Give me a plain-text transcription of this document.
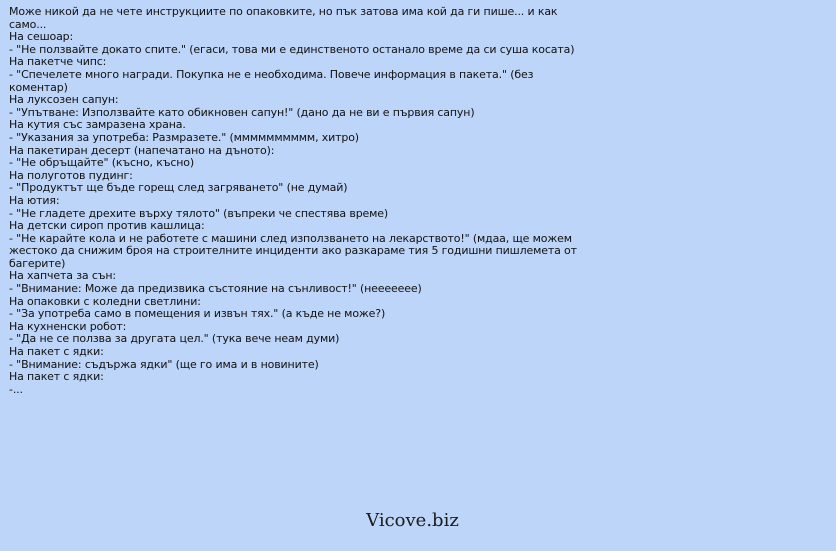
Може никой да не чете инструкциите по опаковките, но пък затова има кой да ги пише... и как само...
На сешоар:
- "Не ползвайте докато спите." (егаси, това ми е единственото останало време да си суша косата)
На пакетче чипс:
- "Спечелете много награди. Покупка не е необходима. Повече информация в пакета." (без коментар)
На луксозен сапун:
- "Упътване: Използвайте като обикновен сапун!" (дано да не ви е първия сапун)
На кутия със замразена храна.
- "Указания за употреба: Размразете." (мммммммммм, хитро)
На пакетиран десерт (напечатано на дъното):
- "Не обръщайте" (късно, късно)
На полуготов пудинг:
- "Продуктът ще бъде горещ след загряването" (не думай)
На ютия:
- "Не гладете дрехите върху тялото" (въпреки че спестява време)
На детски сироп против кашлица:
- "Не карайте кола и не работете с машини след използването на лекарството!" (мдаа, ще можем жестоко да снижим броя на строителните инциденти ако разкараме тия 5 годишни пишлемета от багерите)
На хапчета за сън:
- "Внимание: Може да предизвика състояние на сънливост!" (неееееее)
На опаковки с коледни светлини:
- "За употреба само в помещения и извън тях." (а къде не може?)
На кухненски робот:
- "Да не се ползва за другата цел." (тука вече неам думи)
На пакет с ядки:
- "Внимание: съдържа ядки" (ще го има и в новините)
На пакет с ядки:
-...
Vicove.biz
